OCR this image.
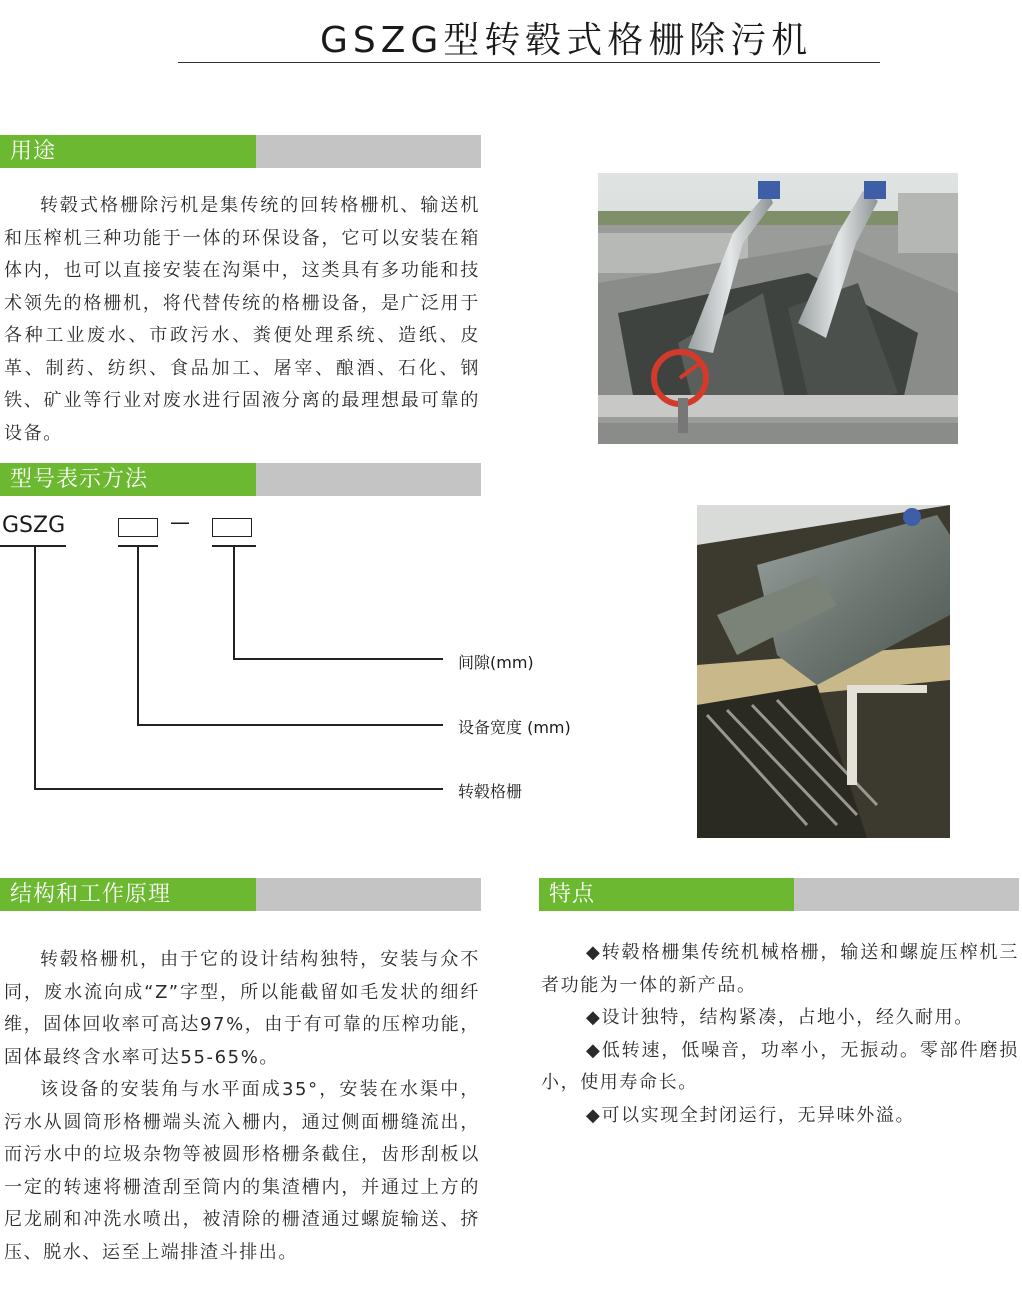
GSZG型转毂式格栅除污机
用途

转毂式格栅除污机是集传统的回转格栅机、输送机和压榨机三种功能于一体的环保设备，它可以安装在箱体内，也可以直接安装在沟渠中，这类具有多功能和技术领先的格栅机，将代替传统的格栅设备，是广泛用于各种工业废水、市政污水、粪便处理系统、造纸、皮革、制药、纺织、食品加工、屠宰、酿酒、石化、钢铁、矿业等行业对废水进行固液分离的最理想最可靠的设备。

型号表示方法
GSZG	—
间隙(mm)
设备宽度 (mm)
转毂格栅
结构和工作原理

转毂格栅机，由于它的设计结构独特，安装与众不同，废水流向成“Z”字型，所以能截留如毛发状的细纤维，固体回收率可高达97%，由于有可靠的压榨功能，固体最终含水率可达55-65%。

该设备的安装角与水平面成35°，安装在水渠中，污水从圆筒形格栅端头流入栅内，通过侧面栅缝流出，而污水中的垃圾杂物等被圆形格栅条截住，齿形刮板以一定的转速将栅渣刮至筒内的集渣槽内，并通过上方的尼龙刷和冲洗水喷出，被清除的栅渣通过螺旋输送、挤压、脱水、运至上端排渣斗排出。

特点

◆转毂格栅集传统机械格栅，输送和螺旋压榨机三者功能为一体的新产品。

◆设计独特，结构紧凑，占地小，经久耐用。

◆低转速，低噪音，功率小，无振动。零部件磨损小，使用寿命长。

◆可以实现全封闭运行，无异味外溢。
